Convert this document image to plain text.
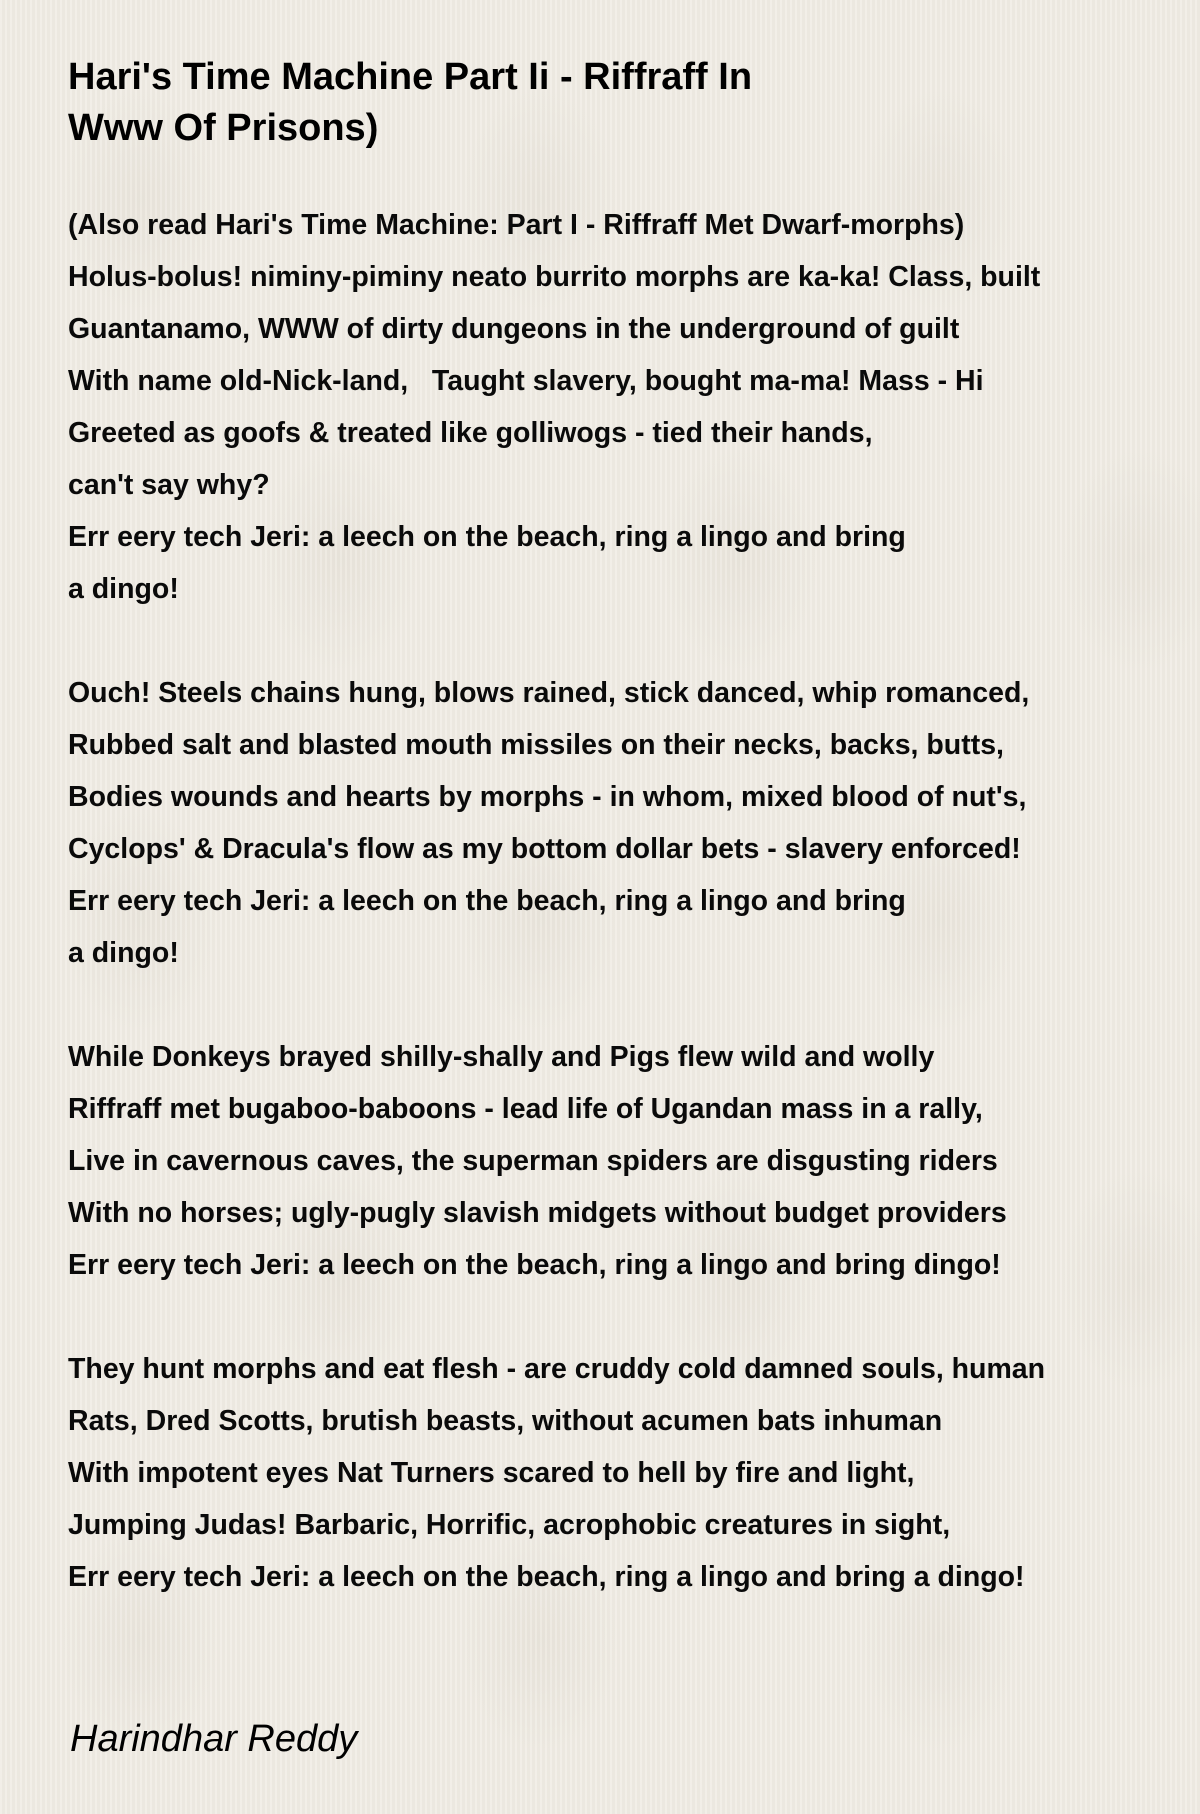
Hari's Time Machine Part Ii - Riffraff In
Www Of Prisons)
(Also read Hari's Time Machine: Part I - Riffraff Met Dwarf-morphs)
Holus-bolus! niminy-piminy neato burrito morphs are ka-ka! Class, built
Guantanamo, WWW of dirty dungeons in the underground of guilt
With name old-Nick-land,   Taught slavery, bought ma-ma! Mass - Hi
Greeted as goofs & treated like golliwogs - tied their hands,
can't say why?
Err eery tech Jeri: a leech on the beach, ring a lingo and bring
a dingo!
Ouch! Steels chains hung, blows rained, stick danced, whip romanced,
Rubbed salt and blasted mouth missiles on their necks, backs, butts,
Bodies wounds and hearts by morphs - in whom, mixed blood of nut's,
Cyclops' & Dracula's flow as my bottom dollar bets - slavery enforced!
Err eery tech Jeri: a leech on the beach, ring a lingo and bring
a dingo!
While Donkeys brayed shilly-shally and Pigs flew wild and wolly
Riffraff met bugaboo-baboons - lead life of Ugandan mass in a rally,
Live in cavernous caves, the superman spiders are disgusting riders
With no horses; ugly-pugly slavish midgets without budget providers
Err eery tech Jeri: a leech on the beach, ring a lingo and bring dingo!
They hunt morphs and eat flesh - are cruddy cold damned souls, human
Rats, Dred Scotts, brutish beasts, without acumen bats inhuman
With impotent eyes Nat Turners scared to hell by fire and light,
Jumping Judas! Barbaric, Horrific, acrophobic creatures in sight,
Err eery tech Jeri: a leech on the beach, ring a lingo and bring a dingo!
Harindhar Reddy
